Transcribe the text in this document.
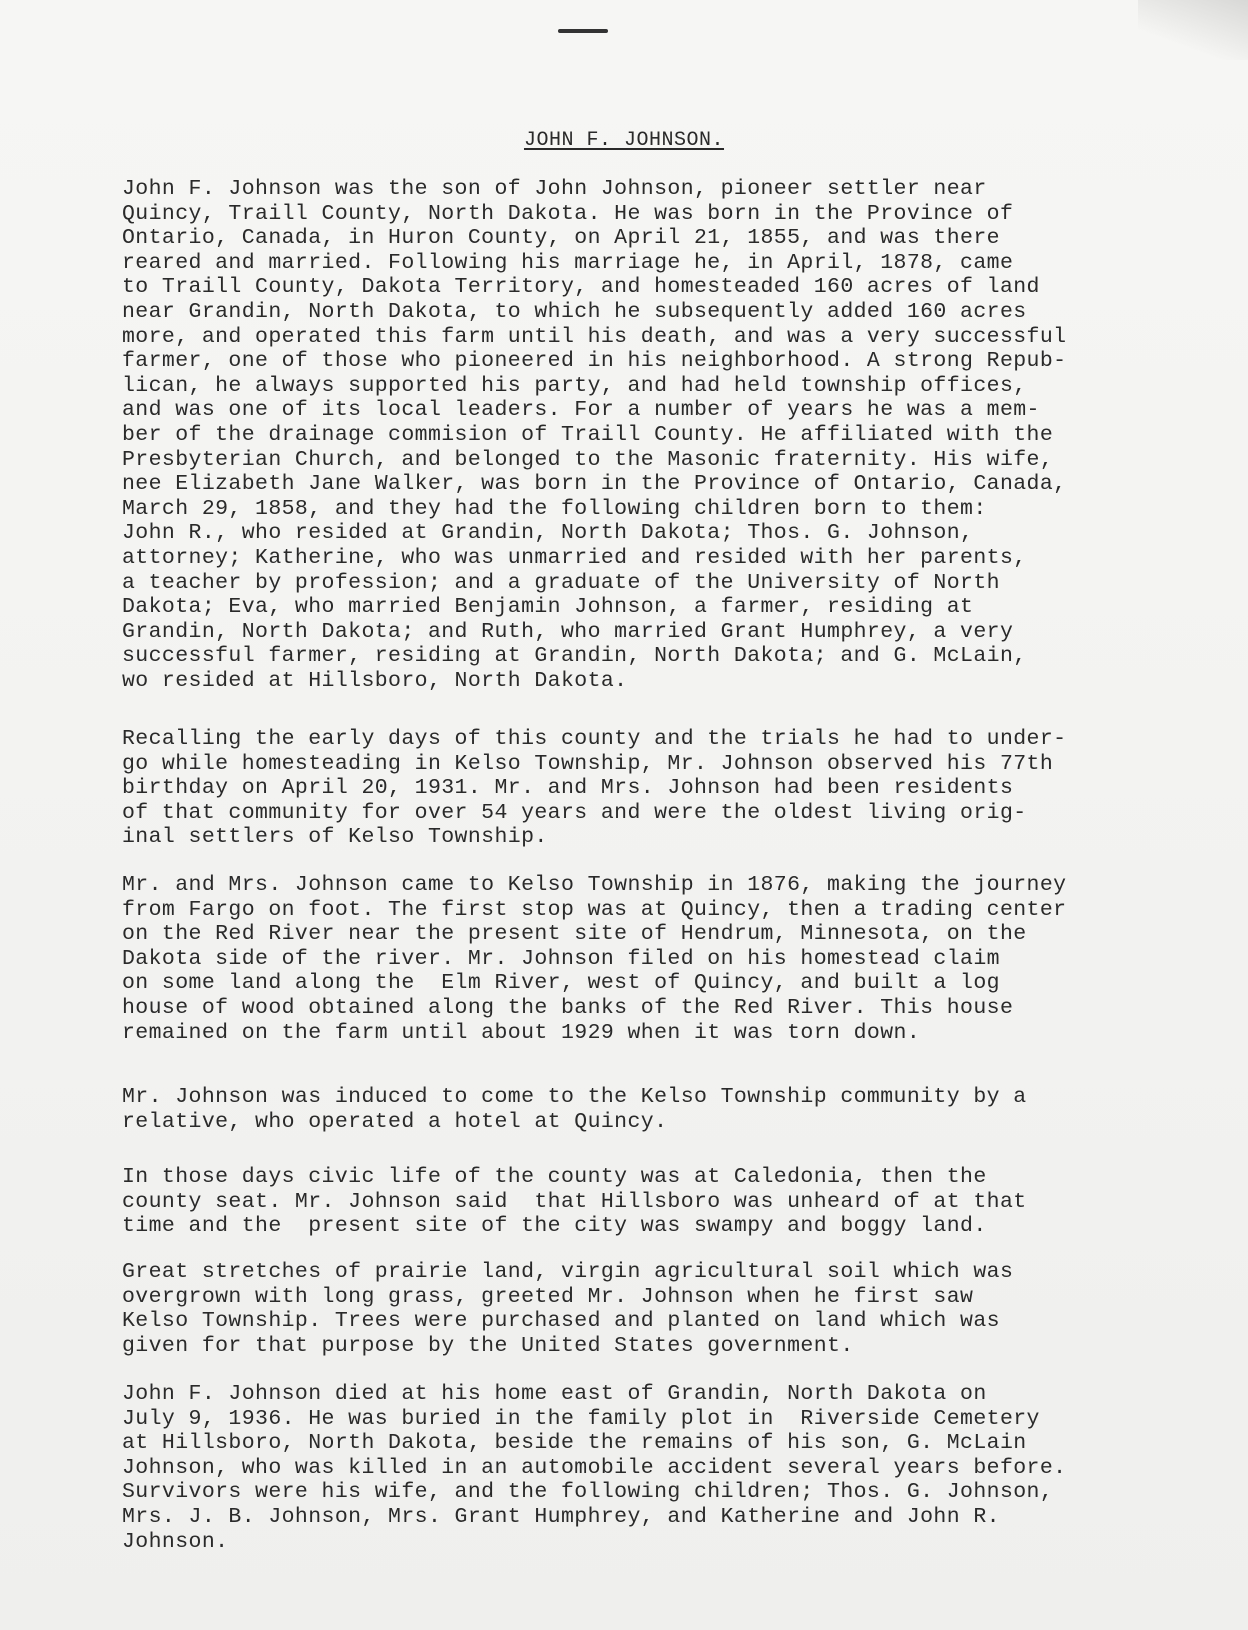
JOHN F. JOHNSON.
John F. Johnson was the son of John Johnson, pioneer settler near
Quincy, Traill County, North Dakota. He was born in the Province of
Ontario, Canada, in Huron County, on April 21, 1855, and was there
reared and married. Following his marriage he, in April, 1878, came
to Traill County, Dakota Territory, and homesteaded 160 acres of land
near Grandin, North Dakota, to which he subsequently added 160 acres
more, and operated this farm until his death, and was a very successful
farmer, one of those who pioneered in his neighborhood. A strong Repub-
lican, he always supported his party, and had held township offices,
and was one of its local leaders. For a number of years he was a mem-
ber of the drainage commision of Traill County. He affiliated with the
Presbyterian Church, and belonged to the Masonic fraternity. His wife,
nee Elizabeth Jane Walker, was born in the Province of Ontario, Canada,
March 29, 1858, and they had the following children born to them:
John R., who resided at Grandin, North Dakota; Thos. G. Johnson,
attorney; Katherine, who was unmarried and resided with her parents,
a teacher by profession; and a graduate of the University of North
Dakota; Eva, who married Benjamin Johnson, a farmer, residing at
Grandin, North Dakota; and Ruth, who married Grant Humphrey, a very
successful farmer, residing at Grandin, North Dakota; and G. McLain,
wo resided at Hillsboro, North Dakota.
Recalling the early days of this county and the trials he had to under-
go while homesteading in Kelso Township, Mr. Johnson observed his 77th
birthday on April 20, 1931. Mr. and Mrs. Johnson had been residents
of that community for over 54 years and were the oldest living orig-
inal settlers of Kelso Township.
Mr. and Mrs. Johnson came to Kelso Township in 1876, making the journey
from Fargo on foot. The first stop was at Quincy, then a trading center
on the Red River near the present site of Hendrum, Minnesota, on the
Dakota side of the river. Mr. Johnson filed on his homestead claim
on some land along the  Elm River, west of Quincy, and built a log
house of wood obtained along the banks of the Red River. This house
remained on the farm until about 1929 when it was torn down.
Mr. Johnson was induced to come to the Kelso Township community by a
relative, who operated a hotel at Quincy.
In those days civic life of the county was at Caledonia, then the
county seat. Mr. Johnson said  that Hillsboro was unheard of at that
time and the  present site of the city was swampy and boggy land.
Great stretches of prairie land, virgin agricultural soil which was
overgrown with long grass, greeted Mr. Johnson when he first saw
Kelso Township. Trees were purchased and planted on land which was
given for that purpose by the United States government.
John F. Johnson died at his home east of Grandin, North Dakota on
July 9, 1936. He was buried in the family plot in  Riverside Cemetery
at Hillsboro, North Dakota, beside the remains of his son, G. McLain
Johnson, who was killed in an automobile accident several years before.
Survivors were his wife, and the following children; Thos. G. Johnson,
Mrs. J. B. Johnson, Mrs. Grant Humphrey, and Katherine and John R.
Johnson.
